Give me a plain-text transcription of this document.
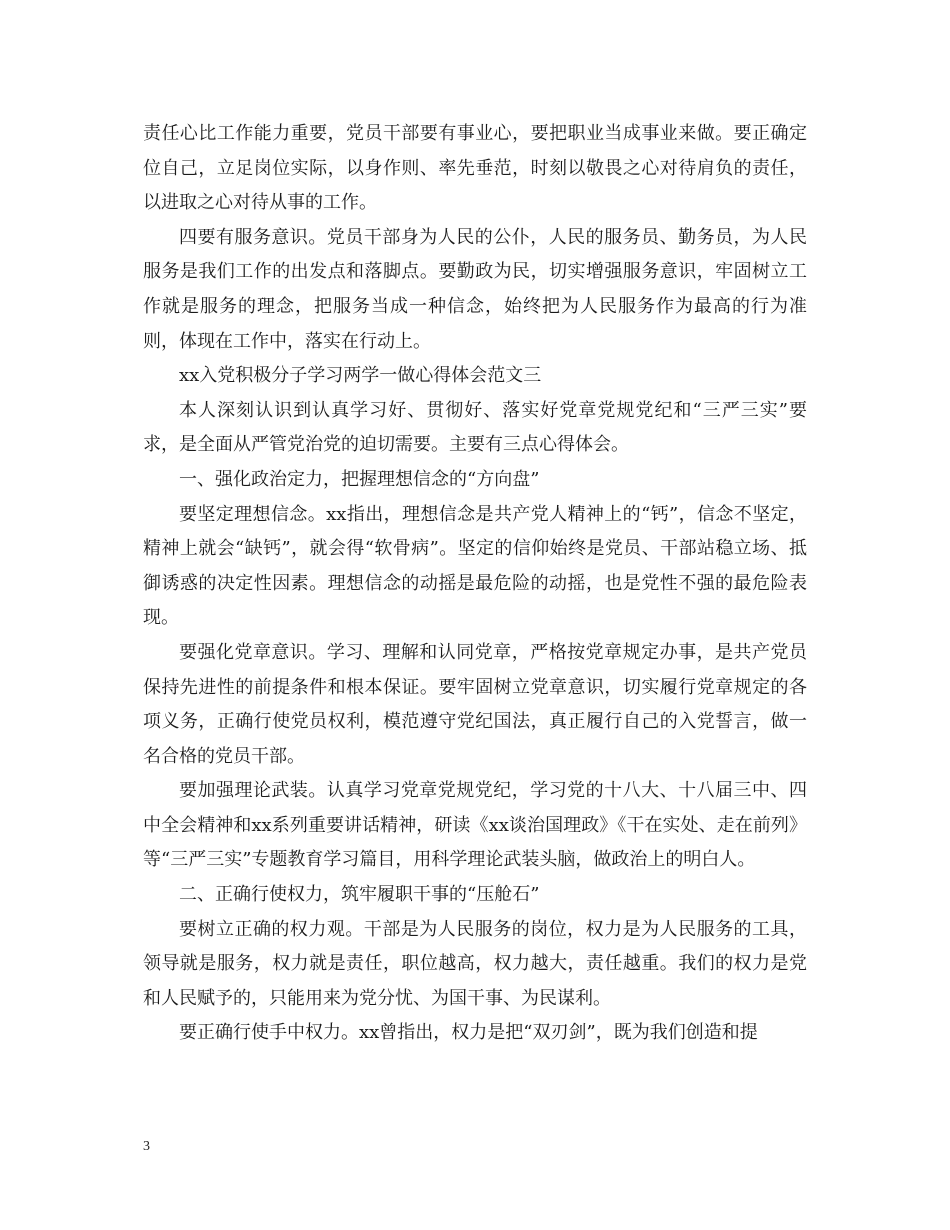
责任心比工作能力重要，党员干部要有事业心，要把职业当成事业来做。要正确定位自己，立足岗位实际，以身作则、率先垂范，时刻以敬畏之心对待肩负的责任，以进取之心对待从事的工作。

四要有服务意识。党员干部身为人民的公仆，人民的服务员、勤务员，为人民服务是我们工作的出发点和落脚点。要勤政为民，切实增强服务意识，牢固树立工作就是服务的理念，把服务当成一种信念，始终把为人民服务作为最高的行为准则，体现在工作中，落实在行动上。

xx入党积极分子学习两学一做心得体会范文三

本人深刻认识到认真学习好、贯彻好、落实好党章党规党纪和“三严三实”要求，是全面从严管党治党的迫切需要。主要有三点心得体会。

一、强化政治定力，把握理想信念的“方向盘”

要坚定理想信念。xx指出，理想信念是共产党人精神上的“钙”，信念不坚定，精神上就会“缺钙”，就会得“软骨病”。坚定的信仰始终是党员、干部站稳立场、抵御诱惑的决定性因素。理想信念的动摇是最危险的动摇，也是党性不强的最危险表现。

要强化党章意识。学习、理解和认同党章，严格按党章规定办事，是共产党员保持先进性的前提条件和根本保证。要牢固树立党章意识，切实履行党章规定的各项义务，正确行使党员权利，模范遵守党纪国法，真正履行自己的入党誓言，做一名合格的党员干部。

要加强理论武装。认真学习党章党规党纪，学习党的十八大、十八届三中、四中全会精神和xx系列重要讲话精神，研读《xx谈治国理政》《干在实处、走在前列》等“三严三实”专题教育学习篇目，用科学理论武装头脑，做政治上的明白人。

二、正确行使权力，筑牢履职干事的“压舱石”

要树立正确的权力观。干部是为人民服务的岗位，权力是为人民服务的工具，领导就是服务，权力就是责任，职位越高，权力越大，责任越重。我们的权力是党和人民赋予的，只能用来为党分忧、为国干事、为民谋利。

要正确行使手中权力。xx曾指出，权力是把“双刃剑”，既为我们创造和提

3
